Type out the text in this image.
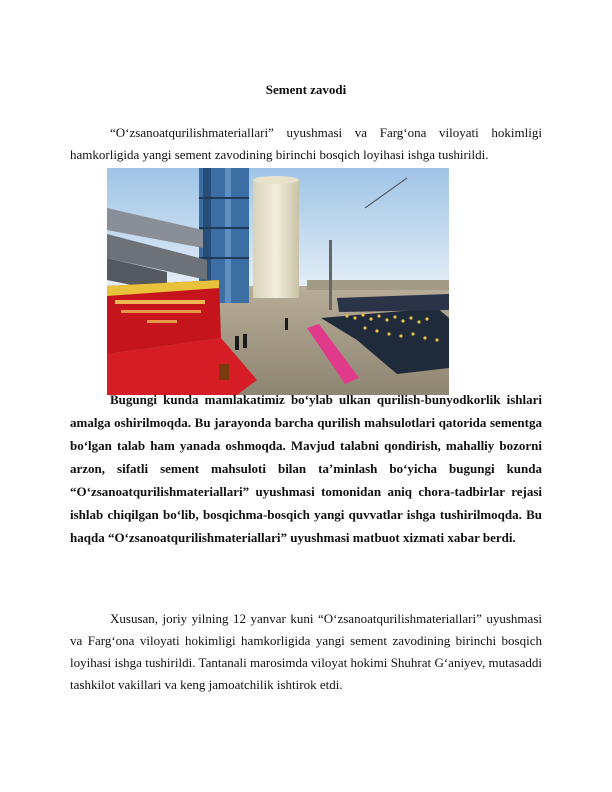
Sement zavodi

“O‘zsanoatqurilishmateriallari” uyushmasi va Farg‘ona viloyati hokimligi hamkorligida yangi sement zavodining birinchi bosqich loyihasi ishga tushirildi.

Bugungi kunda mamlakatimiz bo‘ylab ulkan qurilish-bunyodkorlik ishlari amalga oshirilmoqda. Bu jarayonda barcha qurilish mahsulotlari qatorida sementga bo‘lgan talab ham yanada oshmoqda. Mavjud talabni qondirish, mahalliy bozorni arzon, sifatli sement mahsuloti bilan ta’minlash bo‘yicha bugungi kunda “O‘zsanoatqurilishmateriallari” uyushmasi tomonidan aniq chora-tadbirlar rejasi ishlab chiqilgan bo‘lib, bosqichma-bosqich yangi quvvatlar ishga tushirilmoqda. Bu haqda “O‘zsanoatqurilishmateriallari” uyushmasi matbuot xizmati xabar berdi.

Xususan, joriy yilning 12 yanvar kuni “O‘zsanoatqurilishmateriallari” uyushmasi va Farg‘ona viloyati hokimligi hamkorligida yangi sement zavodining birinchi bosqich loyihasi ishga tushirildi. Tantanali marosimda viloyat hokimi Shuhrat G‘aniyev, mutasaddi tashkilot vakillari va keng jamoatchilik ishtirok etdi.
